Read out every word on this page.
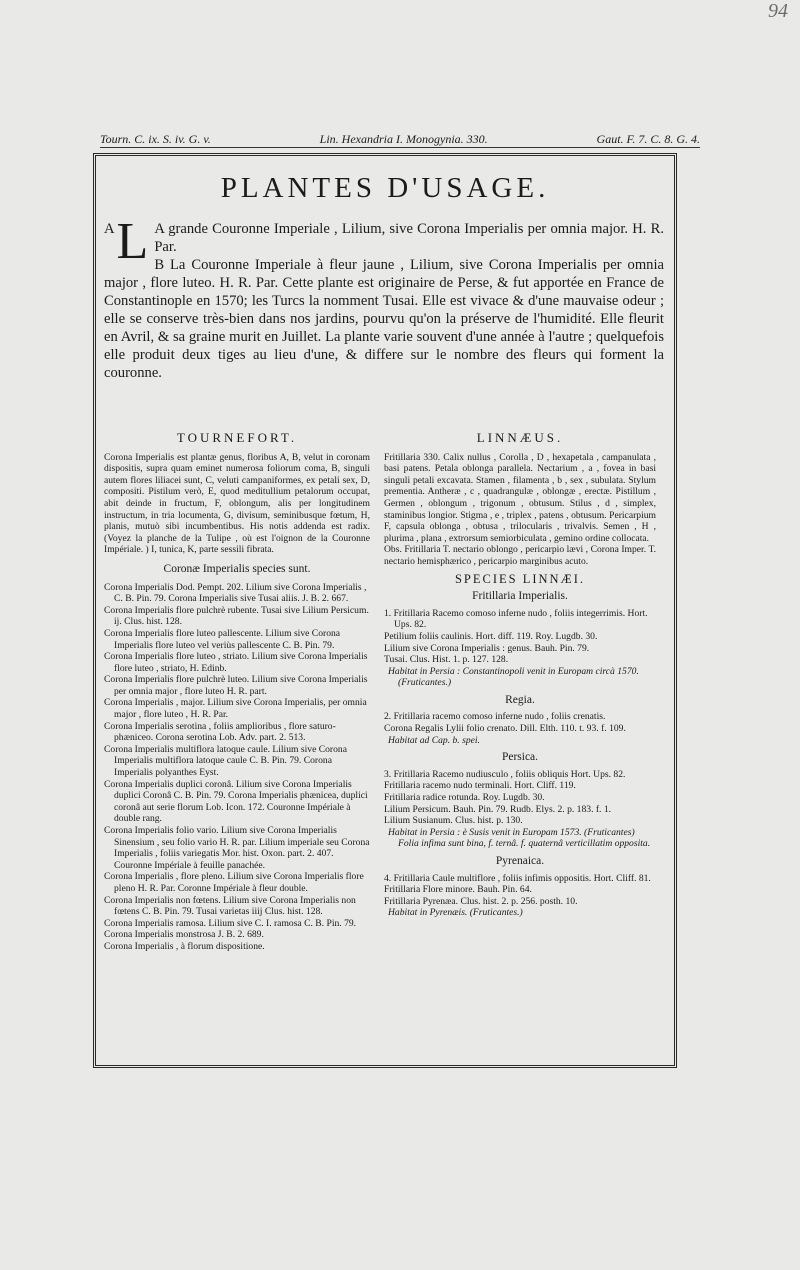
94
Tourn. C. ix. S. iv. G. v.	Lin. Hexandria I. Monogynia. 330.	Gaut. F. 7. C. 8. G. 4.
PLANTES D'USAGE.

A L A grande Couronne Imperiale , Lilium, sive Corona Imperialis per omnia major. H. R. Par.

B La Couronne Imperiale à fleur jaune , Lilium, sive Corona Imperialis per omnia major , flore luteo. H. R. Par. Cette plante est originaire de Perse, & fut apportée en France de Constantinople en 1570; les Turcs la nomment Tusai. Elle est vivace & d'une mauvaise odeur ; elle se conserve très-bien dans nos jardins, pourvu qu'on la préserve de l'humidité. Elle fleurit en Avril, & sa graine murit en Juillet. La plante varie souvent d'une année à l'autre ; quelquefois elle produit deux tiges au lieu d'une, & differe sur le nombre des fleurs qui forment la couronne.

TOURNEFORT.

Corona Imperialis est plantæ genus, floribus A, B, velut in coronam dispositis, supra quam eminet numerosa foliorum coma, B, singuli autem flores liliacei sunt, C, veluti campaniformes, ex petali sex, D, compositi. Pistilum verò, E, quod meditullium petalorum occupat, abit deinde in fructum, F, oblongum, alis per longitudinem instructum, in tria locumenta, G, divisum, seminibusque fœtum, H, planis, mutuò sibi incumbentibus. His notis addenda est radix. (Voyez la planche de la Tulipe , où est l'oignon de la Couronne Impériale. ) I, tunica, K, parte sessili fibrata.

Coronæ Imperialis species sunt.

Corona Imperialis Dod. Pempt. 202. Lilium sive Corona Imperialis , C. B. Pin. 79. Corona Imperialis sive Tusai aliis. J. B. 2. 667.

Corona Imperialis flore pulchrè rubente. Tusai sive Lilium Persicum. ij. Clus. hist. 128.

Corona Imperialis flore luteo pallescente. Lilium sive Corona Imperialis flore luteo vel veriùs pallescente C. B. Pin. 79.

Corona Imperialis flore luteo , striato. Lilium sive Corona Imperialis flore luteo , striato, H. Edinb.

Corona Imperialis flore pulchrè luteo. Lilium sive Corona Imperialis per omnia major , flore luteo H. R. part.

Corona Imperialis , major. Lilium sive Corona Imperialis, per omnia major , flore luteo , H. R. Par.

Corona Imperialis serotina , foliis amplioribus , flore saturo-phæniceo. Corona serotina Lob. Adv. part. 2. 513.

Corona Imperialis multiflora latoque caule. Lilium sive Corona Imperialis multiflora latoque caule C. B. Pin. 79. Corona Imperialis polyanthes Eyst.

Corona Imperialis duplici coronâ. Lilium sive Corona Imperialis duplici Coronâ C. B. Pin. 79. Corona Imperialis phænicea, duplici coronâ aut serie florum Lob. Icon. 172. Couronne Impériale à double rang.

Corona Imperialis folio vario. Lilium sive Corona Imperialis Sinensium , seu folio vario H. R. par. Lilium imperiale seu Corona Imperialis , foliis variegatis Mor. hist. Oxon. part. 2. 407. Couronne Impériale à feuille panachée.

Corona Imperialis , flore pleno. Lilium sive Corona Imperialis flore pleno H. R. Par. Coronne Impériale à fleur double.

Corona Imperialis non fœtens. Lilium sive Corona Imperialis non fœtens C. B. Pin. 79. Tusai varietas iiij Clus. hist. 128.

Corona Imperialis ramosa. Lilium sive C. I. ramosa C. B. Pin. 79.

Corona Imperialis monstrosa J. B. 2. 689.

Corona Imperialis , à florum dispositione.

LINNÆUS.

Fritillaria 330. Calix nullus , Corolla , D , hexapetala , campanulata , basi patens. Petala oblonga parallela. Nectarium , a , fovea in basi singuli petali excavata. Stamen , filamenta , b , sex , subulata. Stylum prementia. Antheræ , c , quadrangulæ , oblongæ , erectæ. Pistillum , Germen , oblongum , trigonum , obtusum. Stilus , d , simplex, staminibus longior. Stigma , e , triplex , patens , obtusum. Pericarpium F, capsula oblonga , obtusa , trilocularis , trivalvis. Semen , H , plurima , plana , extrorsum semiorbiculata , gemino ordine collocata.

Obs. Fritillaria T. nectario oblongo , pericarpio lævi , Corona Imper. T. nectario hemisphærico , pericarpio marginibus acuto.

SPECIES LINNÆI.
Fritillaria Imperialis.

1. Fritillaria Racemo comoso inferne nudo , foliis integerrimis. Hort. Ups. 82.

Petilium foliis caulinis. Hort. diff. 119. Roy. Lugdb. 30.

Lilium sive Corona Imperialis : genus. Bauh. Pin. 79.

Tusai. Clus. Hist. 1. p. 127. 128.

Habitat in Persia : Constantinopoli venit in Europam circà 1570. (Fruticantes.)

Regia.

2. Fritillaria racemo comoso inferne nudo , foliis crenatis.

Corona Regalis Lylii folio crenato. Dill. Elth. 110. t. 93. f. 109.

Habitat ad Cap. b. spei.

Persica.

3. Fritillaria Racemo nudiusculo , foliis obliquis Hort. Ups. 82.

Fritillaria racemo nudo terminali. Hort. Cliff. 119.

Fritillaria radice rotunda. Roy. Lugdb. 30.

Lilium Persicum. Bauh. Pin. 79. Rudb. Elys. 2. p. 183. f. 1.

Lilium Susianum. Clus. hist. p. 130.

Habitat in Persia : è Susis venit in Europam 1573. (Fruticantes) Folia infima sunt bina, f. ternâ. f. quaternâ verticillatim opposita.

Pyrenaica.

4. Fritillaria Caule multiflore , foliis infimis oppositis. Hort. Cliff. 81.

Fritillaria Flore minore. Bauh. Pin. 64.

Fritillaria Pyrenæa. Clus. hist. 2. p. 256. posth. 10.

Habitat in Pyrenæis. (Fruticantes.)
